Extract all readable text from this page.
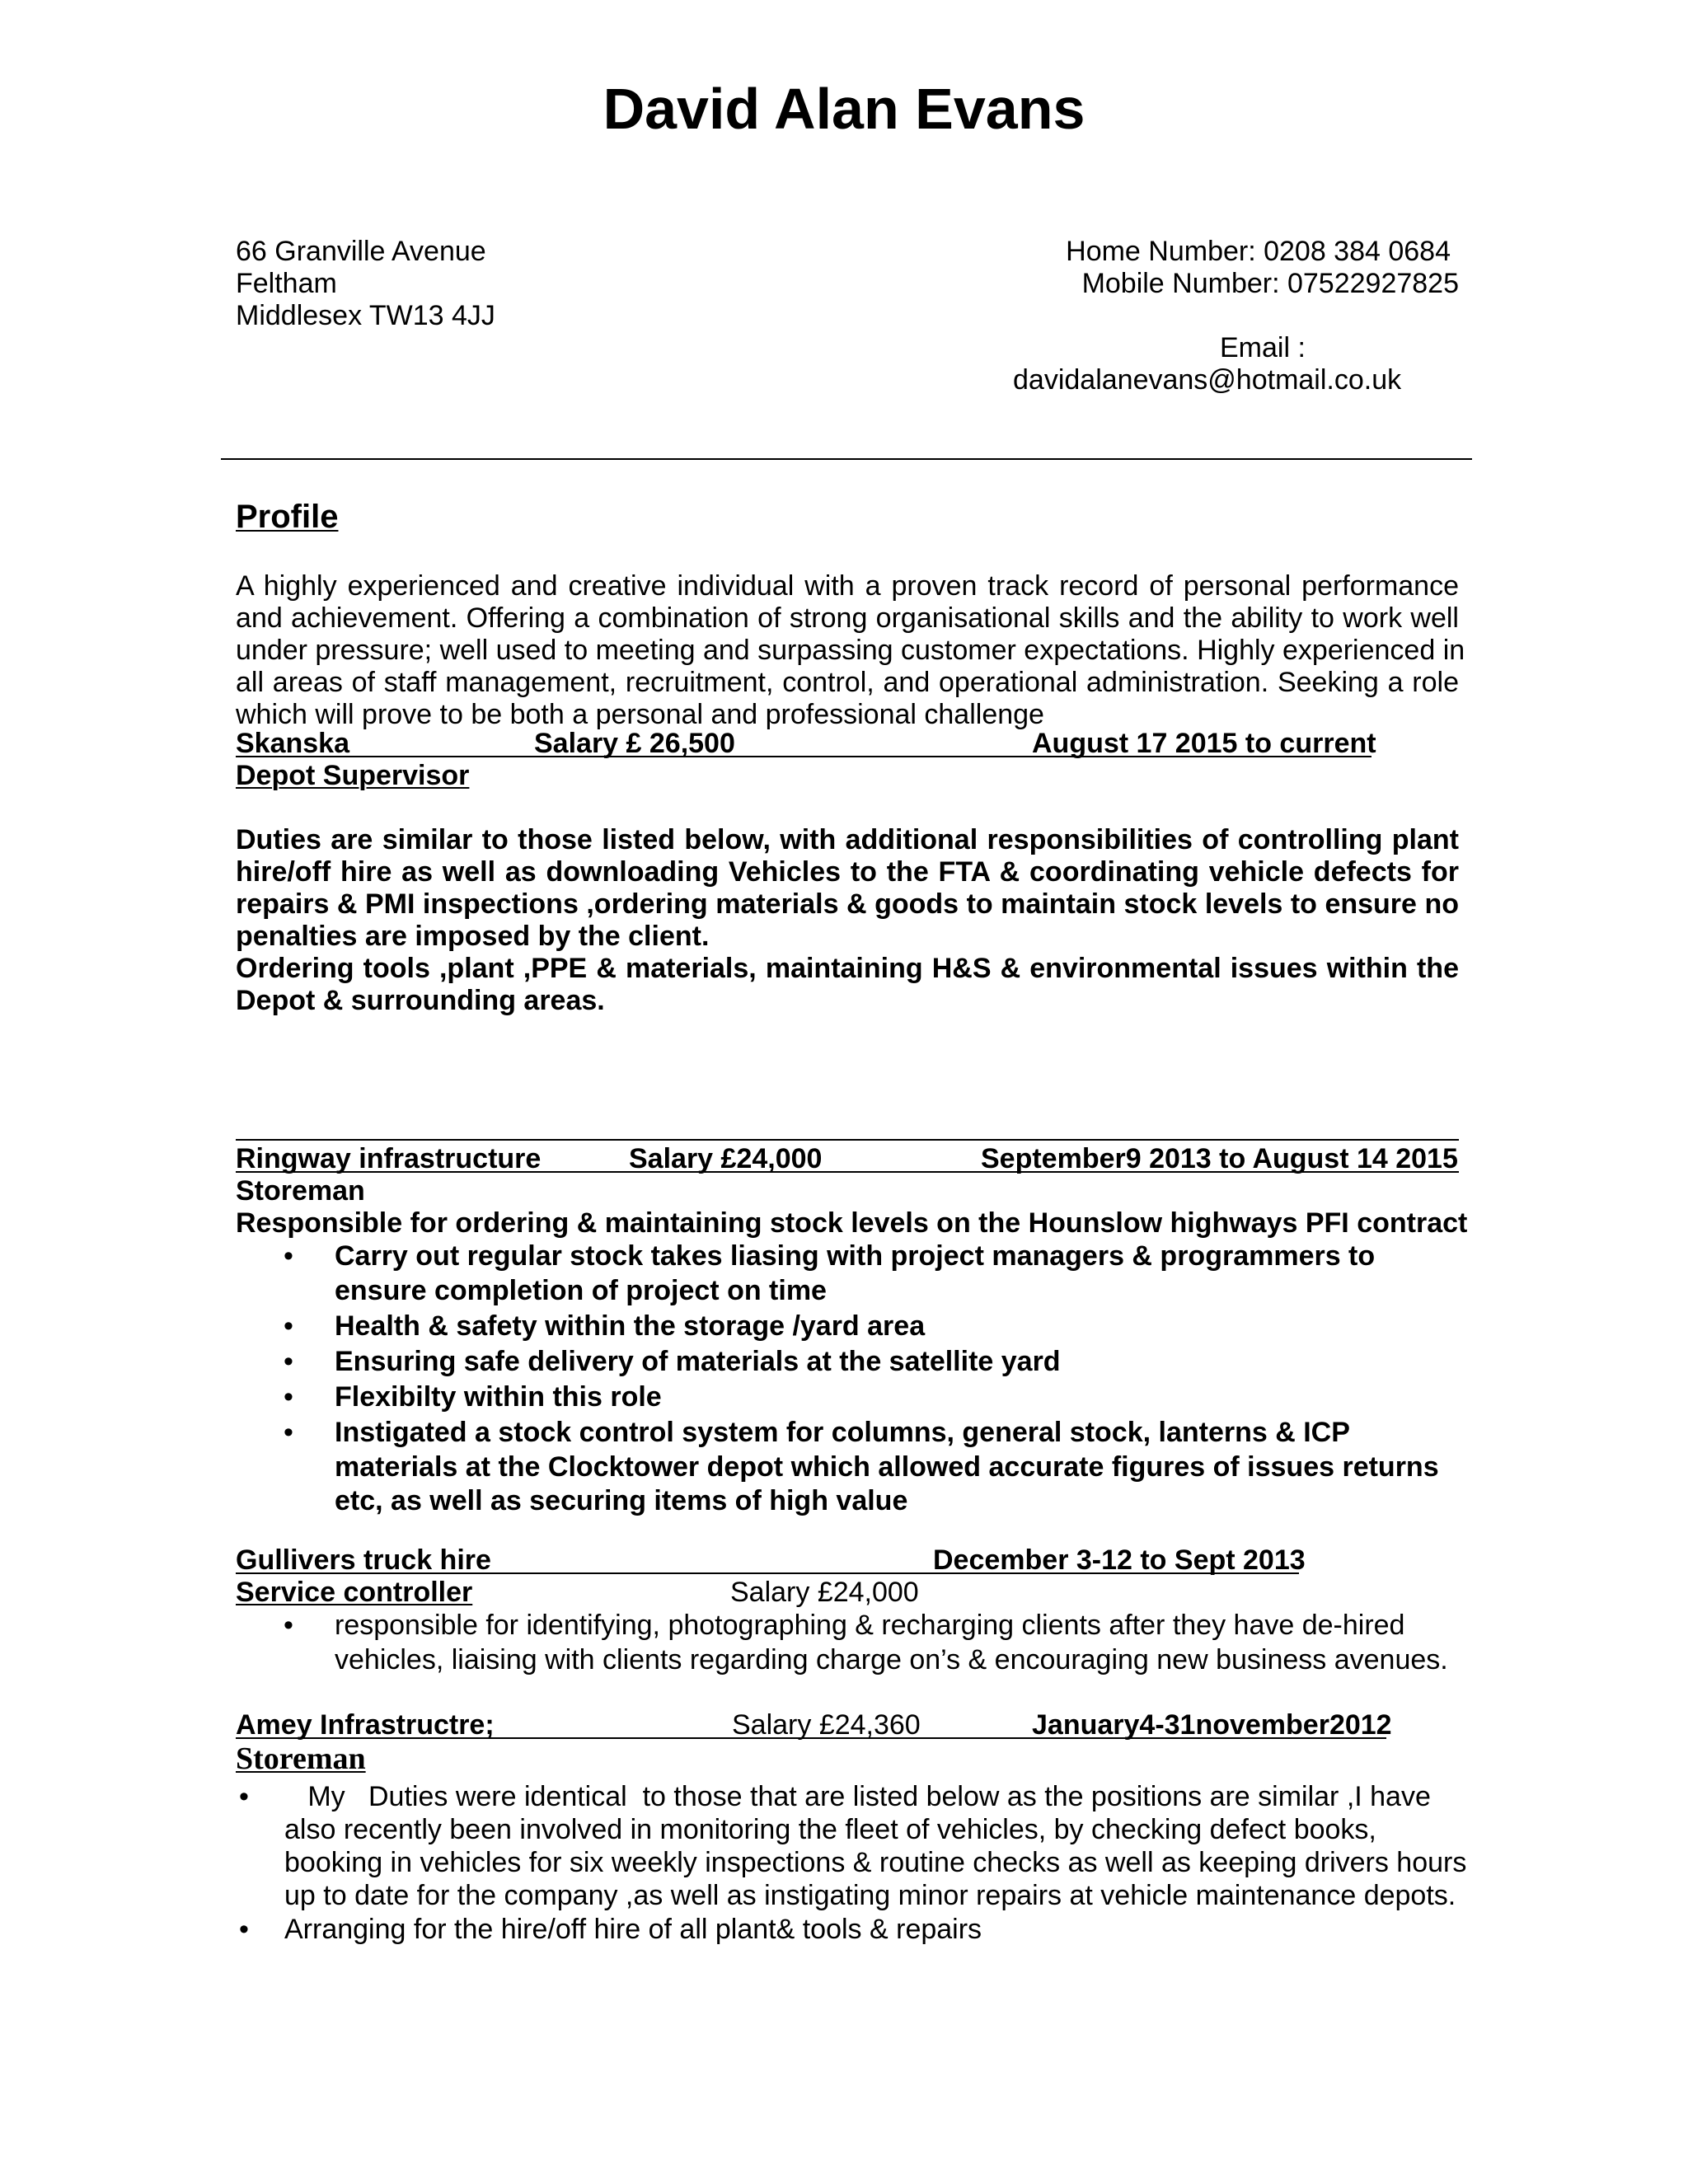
David Alan Evans
66 Granville Avenue
Feltham
Middlesex TW13 4JJ
Home Number: 0208 384 0684
Mobile Number: 07522927825
Email :
davidalanevans@hotmail.co.uk
Profile
A highly experienced and creative individual with a proven track record of personal performance
and achievement. Offering a combination of strong organisational skills and the ability to work well
under pressure; well used to meeting and surpassing customer expectations. Highly experienced in
all areas of staff management, recruitment, control, and operational administration. Seeking a role
which will prove to be both a personal and professional challenge
Skanska	Salary £ 26,500	August 17 2015 to current
Depot Supervisor
Duties are similar to those listed below, with additional responsibilities of controlling plant
hire/off hire as well as downloading Vehicles to the FTA & coordinating vehicle defects for
repairs & PMI inspections ,ordering materials & goods to maintain stock levels to ensure no
penalties are imposed by the client.
Ordering tools ,plant ,PPE & materials, maintaining H&S & environmental issues within the
Depot & surrounding areas.
Ringway infrastructure	Salary £24,000	September9 2013 to August 14 2015
Storeman
Responsible for ordering & maintaining stock levels on the Hounslow highways PFI contract
• Carry out regular stock takes liasing with project managers & programmers to
ensure completion of project on time
• Health & safety within the storage /yard area
• Ensuring safe delivery of materials at the satellite yard
• Flexibilty within this role
• Instigated a stock control system for columns, general stock, lanterns & ICP
materials at the Clocktower depot which allowed accurate figures of issues returns
etc, as well as securing items of high value
Gullivers truck hire	December 3-12 to Sept 2013
Service controller	Salary £24,000
• responsible for identifying, photographing & recharging clients after they have de-hired
vehicles, liaising with clients regarding charge on’s & encouraging new business avenues.
Amey Infrastructre;	Salary £24,360	January4-31november2012
Storeman
• My   Duties were identical  to those that are listed below as the positions are similar ,I have
also recently been involved in monitoring the fleet of vehicles, by checking defect books,
booking in vehicles for six weekly inspections & routine checks as well as keeping drivers hours
up to date for the company ,as well as instigating minor repairs at vehicle maintenance depots.
• Arranging for the hire/off hire of all plant& tools & repairs
